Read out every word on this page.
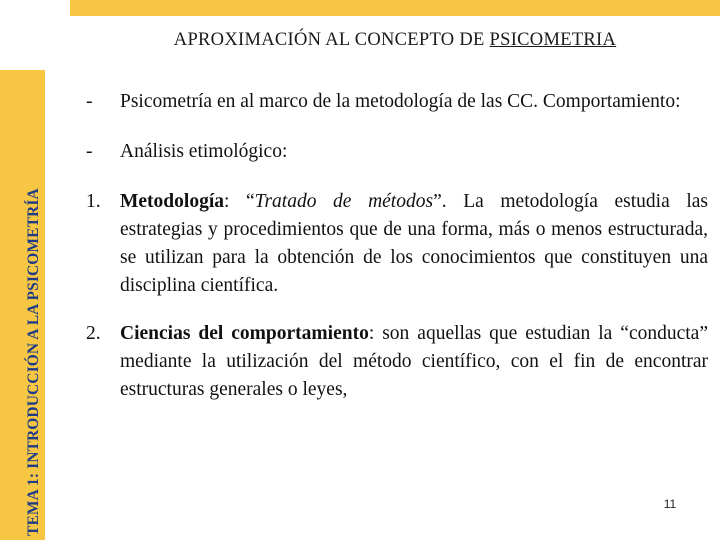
TEMA 1: INTRODUCCIÓN A LA PSICOMETRÍA
APROXIMACIÓN AL CONCEPTO DE PSICOMETRIA
-	Psicometría en al marco de la metodología de las CC. Comportamiento:
-	Análisis etimológico:
1. Metodología: “Tratado de métodos”. La metodología estudia las estrategias y procedimientos que de una forma, más o menos estructurada, se utilizan para la obtención de los conocimientos que constituyen una disciplina científica.
2. Ciencias del comportamiento: son aquellas que estudian la “conducta” mediante la utilización del método científico, con el fin de encontrar estructuras generales o leyes,
11
